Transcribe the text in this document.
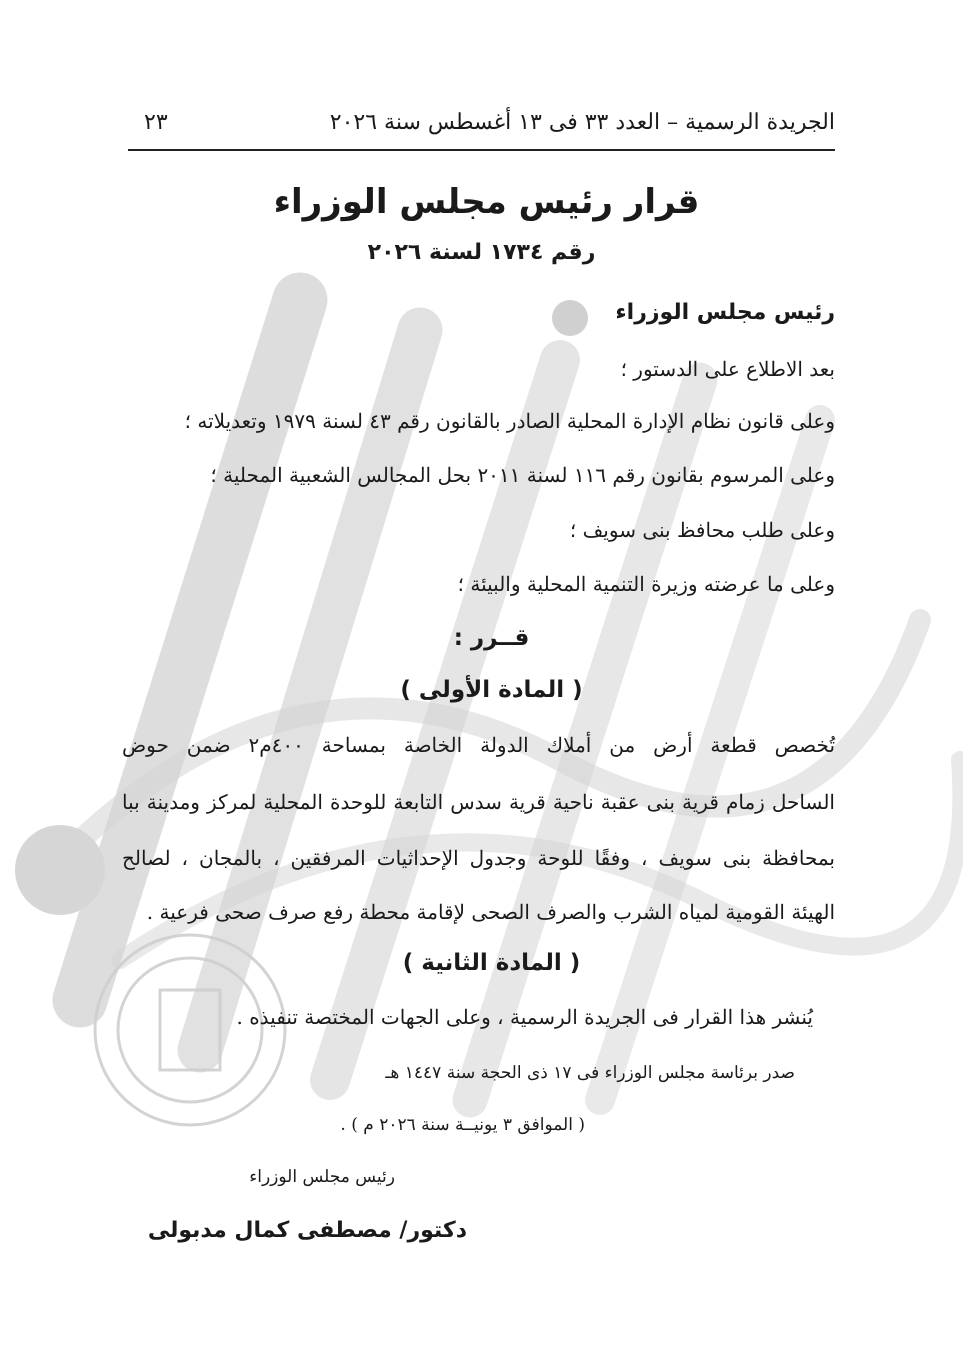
الجريدة الرسمية – العدد ٣٣ فى ١٣ أغسطس سنة ٢٠٢٦
٢٣
قرار رئيس مجلس الوزراء
رقم ١٧٣٤ لسنة ٢٠٢٦
رئيس مجلس الوزراء
بعد الاطلاع على الدستور ؛
وعلى قانون نظام الإدارة المحلية الصادر بالقانون رقم ٤٣ لسنة ١٩٧٩ وتعديلاته ؛
وعلى المرسوم بقانون رقم ١١٦ لسنة ٢٠١١ بحل المجالس الشعبية المحلية ؛
وعلى طلب محافظ بنى سويف ؛
وعلى ما عرضته وزيرة التنمية المحلية والبيئة ؛
قــرر :
( المادة الأولى )
تُخصص قطعة أرض من أملاك الدولة الخاصة بمساحة ٤٠٠م٢ ضمن حوض
الساحل زمام قرية بنى عقبة ناحية قرية سدس التابعة للوحدة المحلية لمركز ومدينة ببا
بمحافظة بنى سويف ، وفقًا للوحة وجدول الإحداثيات المرفقين ، بالمجان ، لصالح
الهيئة القومية لمياه الشرب والصرف الصحى لإقامة محطة رفع صرف صحى فرعية .
( المادة الثانية )
يُنشر هذا القرار فى الجريدة الرسمية ، وعلى الجهات المختصة تنفيذه .
صدر برئاسة مجلس الوزراء فى ١٧ ذى الحجة سنة ١٤٤٧ هـ
( الموافق ٣ يونيــة سنة ٢٠٢٦ م ) .
رئيس مجلس الوزراء
دكتور/ مصطفى كمال مدبولى
